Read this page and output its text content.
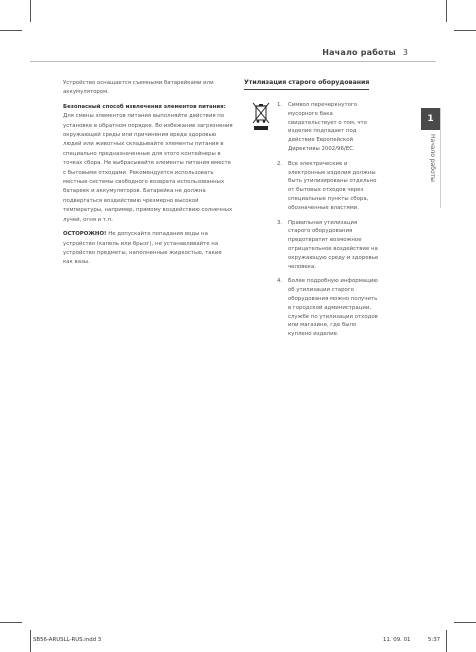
Начало работы 3

Устройство оснащается съемными батарейками или аккумулятором.

Безопасный способ извлечения элементов питания: Для смены элементов питания выполняйте действия по установке в обратном порядке. Во избежание загрязнения окружающей среды или причинения вреда здоровью людей или животных складывайте элементы питания в специально предназначенные для этого контейнеры в точках сбора. Не выбрасывайте элементы питания вместе с бытовыми отходами. Рекомендуется использовать местные системы свободного возврата использованных батареек и аккумуляторов. Батарейка не должна подвергаться воздействию чрезмерно высокой температуры, например, прямому воздействию солнечных лучей, огня и т.п.

ОСТОРОЖНО! Не допускайте попадания воды на устройство (капель или брызг), не устанавливайте на устройство предметы, наполненные жидкостью, такие как вазы.

Утилизация старого оборудования
1. Символ перечеркнутого мусорного бака свидетельствует о том, что изделие подпадает под действие Европейской Директивы 2002/96/EC.
2. Все электрические и электронные изделия должны быть утилизированы отдельно от бытовых отходов через специальные пункты сбора, обозначенные властями.
3. Правильная утилизация старого оборудования предотвратит возможное отрицательное воздействие на окружающую среду и здоровье человека.
4. Более подробную информацию об утилизации старого оборудования можно получить в городской администрации, службе по утилизации отходов или магазине, где было куплено изделие.
1
Начало работы
SB56-ARUSLL-RUS.indd 3	11. 09. 01	5:37
